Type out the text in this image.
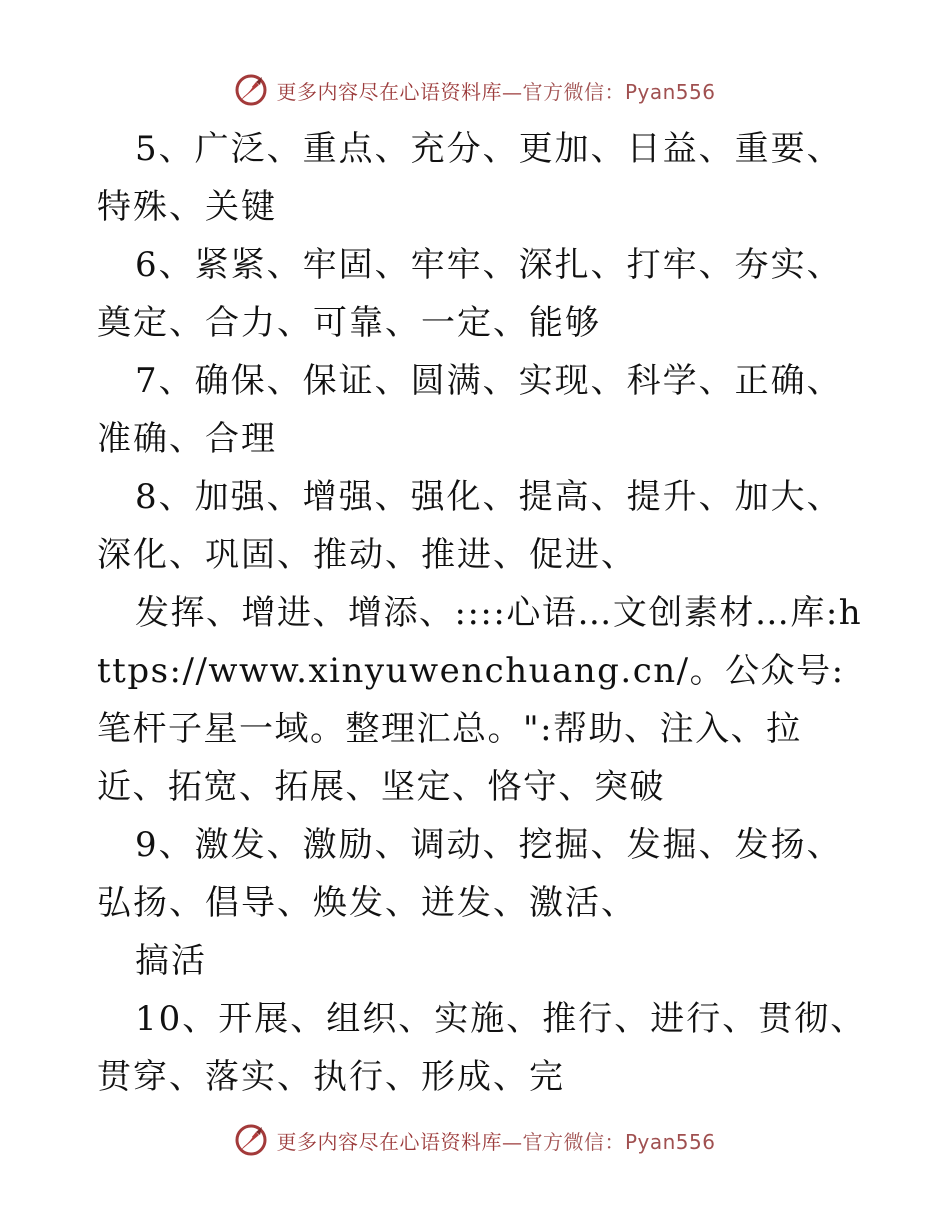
更多内容尽在心语资料库—官方微信：Pyan556

5、广泛、重点、充分、更加、日益、重要、特殊、关键

6、紧紧、牢固、牢牢、深扎、打牢、夯实、奠定、合力、可靠、一定、能够

7、确保、保证、圆满、实现、科学、正确、准确、合理

8、加强、增强、强化、提高、提升、加大、深化、巩固、推动、推进、促进、

发挥、增进、增添、::::心语…文创素材…库:https://www.xinyuwenchuang.cn/。公众号: 笔杆子星一域。整理汇总。":帮助、注入、拉近、拓宽、拓展、坚定、恪守、突破

9、激发、激励、调动、挖掘、发掘、发扬、弘扬、倡导、焕发、迸发、激活、

搞活

10、开展、组织、实施、推行、进行、贯彻、贯穿、落实、执行、形成、完

更多内容尽在心语资料库—官方微信：Pyan556
